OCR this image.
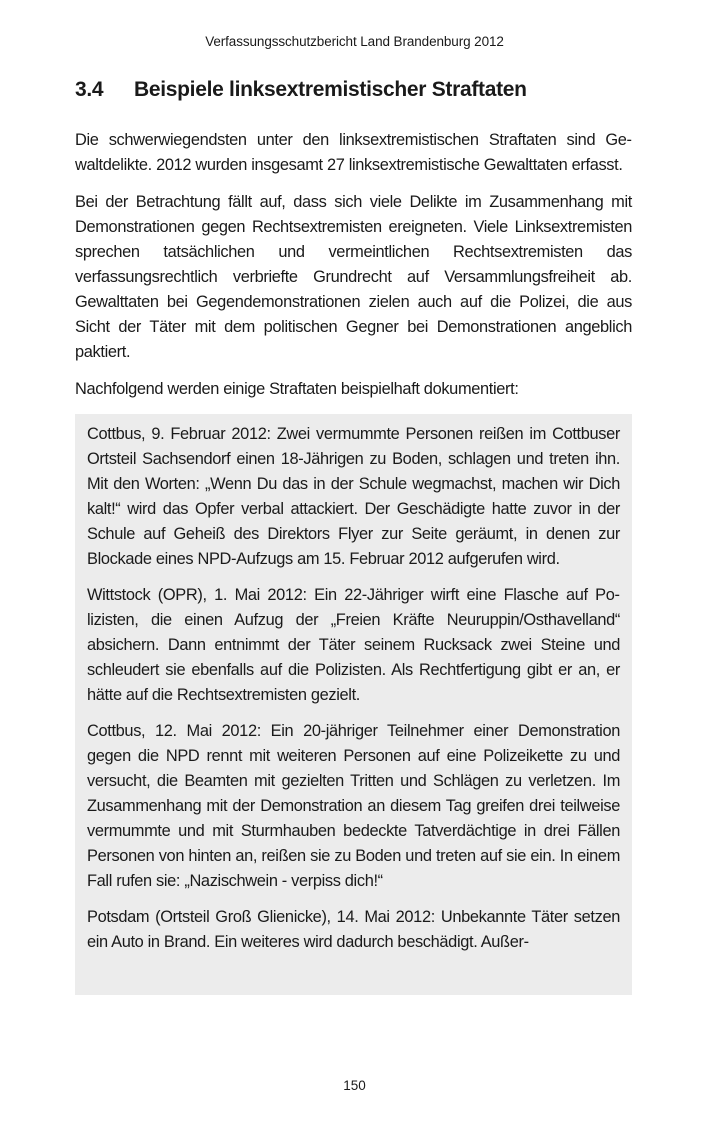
Verfassungsschutzbericht Land Brandenburg 2012
3.4	Beispiele linksextremistischer Straftaten

Die schwerwiegendsten unter den linksextremistischen Straftaten sind Gewaltdelikte. 2012 wurden insgesamt 27 linksextremistische Gewalttaten erfasst.

Bei der Betrachtung fällt auf, dass sich viele Delikte im Zusammenhang mit Demonstrationen gegen Rechtsextremisten ereigneten. Viele Linksextremisten sprechen tatsächlichen und vermeintlichen Rechtsextremisten das verfassungsrechtlich verbriefte Grundrecht auf Versammlungsfreiheit ab. Gewalttaten bei Gegendemonstrationen zielen auch auf die Polizei, die aus Sicht der Täter mit dem politischen Gegner bei Demonstrationen angeblich paktiert.

Nachfolgend werden einige Straftaten beispielhaft dokumentiert:

Cottbus, 9. Februar 2012: Zwei vermummte Personen reißen im Cottbuser Ortsteil Sachsendorf einen 18-Jährigen zu Boden, schlagen und treten ihn. Mit den Worten: „Wenn Du das in der Schule wegmachst, machen wir Dich kalt!“ wird das Opfer verbal attackiert. Der Geschädigte hatte zuvor in der Schule auf Geheiß des Direktors Flyer zur Seite geräumt, in denen zur Blockade eines NPD-Aufzugs am 15. Februar 2012 aufgerufen wird.

Wittstock (OPR), 1. Mai 2012: Ein 22-Jähriger wirft eine Flasche auf Polizisten, die einen Aufzug der „Freien Kräfte Neuruppin/Osthavelland“ absichern. Dann entnimmt der Täter seinem Rucksack zwei Steine und schleudert sie ebenfalls auf die Polizisten. Als Rechtfertigung gibt er an, er hätte auf die Rechtsextremisten gezielt.

Cottbus, 12. Mai 2012: Ein 20-jähriger Teilnehmer einer Demonstration gegen die NPD rennt mit weiteren Personen auf eine Polizeikette zu und versucht, die Beamten mit gezielten Tritten und Schlägen zu verletzen. Im Zusammenhang mit der Demonstration an diesem Tag greifen drei teilweise vermummte und mit Sturmhauben bedeckte Tatverdächtige in drei Fällen Personen von hinten an, reißen sie zu Boden und treten auf sie ein. In einem Fall rufen sie: „Nazischwein - verpiss dich!“

Potsdam (Ortsteil Groß Glienicke), 14. Mai 2012: Unbekannte Täter setzen ein Auto in Brand. Ein weiteres wird dadurch beschädigt. Außer-

150
